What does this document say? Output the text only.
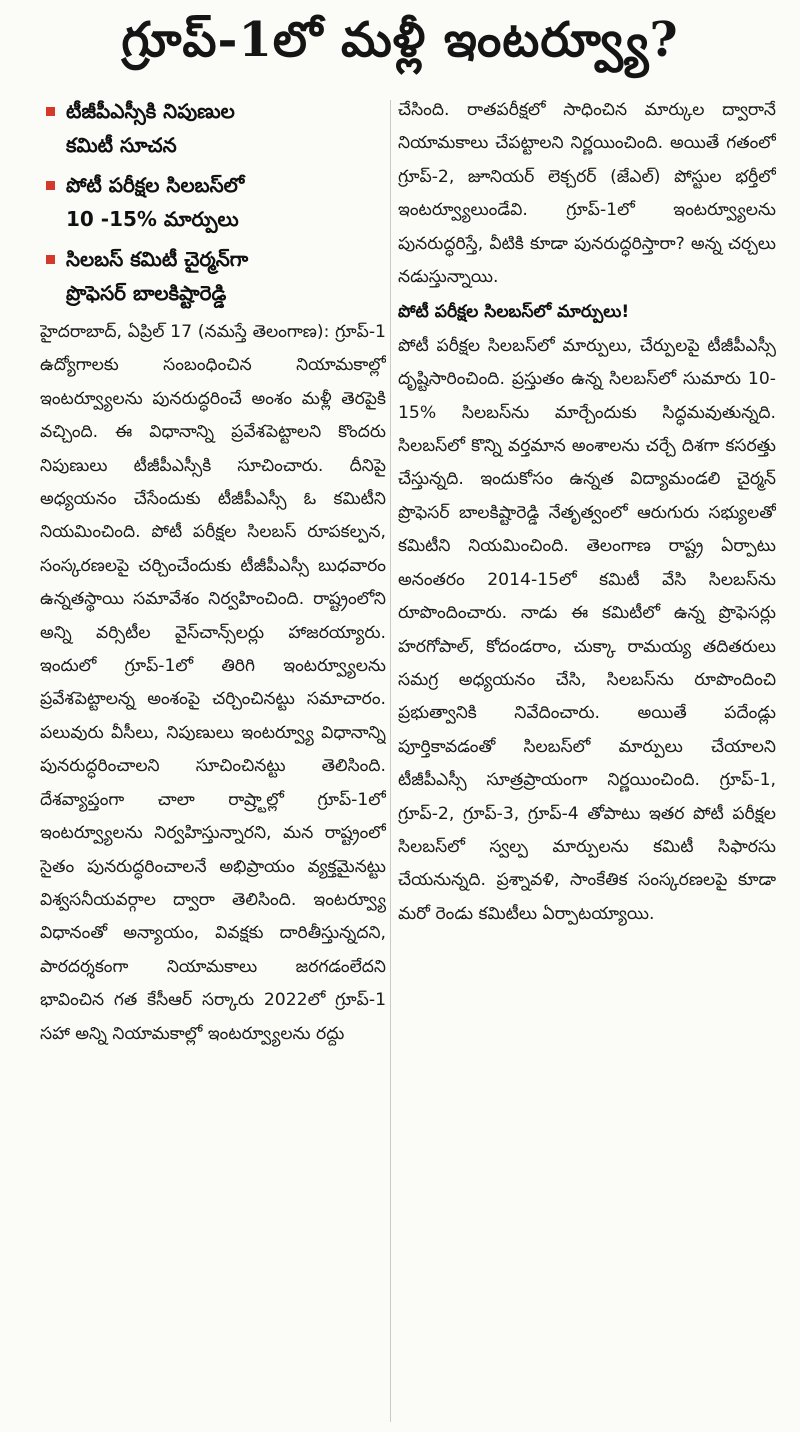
గ్రూప్-1లో మళ్లీ ఇంటర్వ్యూ?
టీజీపీఎస్సీకి నిపుణుల
కమిటీ సూచన
పోటీ పరీక్షల సిలబస్‌లో
10 -15% మార్పులు
సిలబస్ కమిటీ చైర్మన్‌గా
ప్రొఫెసర్ బాలకిష్టారెడ్డి

హైదరాబాద్, ఏప్రిల్ 17 (నమస్తే తెలంగాణ): గ్రూప్-1 ఉద్యోగాలకు సంబంధించిన నియామకాల్లో ఇంటర్వ్యూలను పునరుద్ధరించే అంశం మళ్లీ తెరపైకి వచ్చింది. ఈ విధానాన్ని ప్రవేశపెట్టాలని కొందరు నిపుణులు టీజీపీఎస్సీకి సూచించారు. దీనిపై అధ్యయనం చేసేందుకు టీజీపీఎస్సీ ఓ కమిటీని నియమించింది. పోటీ పరీక్షల సిలబస్ రూపకల్పన, సంస్కరణలపై చర్చించేందుకు టీజీపీఎస్సీ బుధవారం ఉన్నతస్థాయి సమావేశం నిర్వహించింది. రాష్ట్రంలోని అన్ని వర్సిటీల వైస్‌చాన్స్‌లర్లు హాజరయ్యారు. ఇందులో గ్రూప్-1లో తిరిగి ఇంటర్వ్యూలను ప్రవేశపెట్టాలన్న అంశంపై చర్చించినట్టు సమాచారం. పలువురు వీసీలు, నిపుణులు ఇంటర్వ్యూ విధానాన్ని పునరుద్ధరించాలని సూచించినట్టు తెలిసింది. దేశవ్యాప్తంగా చాలా రాష్ర్టాల్లో గ్రూప్-1లో ఇంటర్వ్యూలను నిర్వహిస్తున్నారని, మన రాష్ట్రంలో సైతం పునరుద్ధరించాలనే అభిప్రాయం వ్యక్తమైనట్టు విశ్వసనీయవర్గాల ద్వారా తెలిసింది. ఇంటర్వ్యూ విధానంతో అన్యాయం, వివక్షకు దారితీస్తున్నదని, పారదర్శకంగా నియామకాలు జరగడంలేదని భావించిన గత కేసీఆర్ సర్కారు 2022లో గ్రూప్-1 సహా అన్ని నియామకాల్లో ఇంటర్వ్యూలను రద్దు

చేసింది. రాతపరీక్షలో సాధించిన మార్కుల ద్వారానే నియామకాలు చేపట్టాలని నిర్ణయించింది. అయితే గతంలో గ్రూప్-2, జూనియర్ లెక్చరర్ (జేఎల్) పోస్టుల భర్తీలో ఇంటర్వ్యూలుండేవి. గ్రూప్-1లో ఇంటర్వ్యూలను పునరుద్ధరిస్తే, వీటికి కూడా పునరుద్ధరిస్తారా? అన్న చర్చలు నడుస్తున్నాయి.

పోటీ పరీక్షల సిలబస్‌లో మార్పులు!

పోటీ పరీక్షల సిలబస్‌లో మార్పులు, చేర్పులపై టీజీపీఎస్సీ దృష్టిసారించింది. ప్రస్తుతం ఉన్న సిలబస్‌లో సుమారు 10-15% సిలబస్‌ను మార్చేందుకు సిద్ధమవుతున్నది. సిలబస్‌లో కొన్ని వర్తమాన అంశాలను చర్చే దిశగా కసరత్తు చేస్తున్నది. ఇందుకోసం ఉన్నత విద్యామండలి చైర్మన్ ప్రొఫెసర్ బాలకిష్టారెడ్డి నేతృత్వంలో ఆరుగురు సభ్యులతో కమిటీని నియమించింది. తెలంగాణ రాష్ట్ర ఏర్పాటు అనంతరం 2014-15లో కమిటీ వేసి సిలబస్‌ను రూపొందించారు. నాడు ఈ కమిటీలో ఉన్న ప్రొఫెసర్లు హరగోపాల్, కోదండరాం, చుక్కా రామయ్య తదితరులు సమగ్ర అధ్యయనం చేసి, సిలబస్‌ను రూపొందించి ప్రభుత్వానికి నివేదించారు. అయితే పదేండ్లు పూర్తికావడంతో సిలబస్‌లో మార్పులు చేయాలని టీజీపీఎస్సీ సూత్రప్రాయంగా నిర్ణయించింది. గ్రూప్-1, గ్రూప్-2, గ్రూప్-3, గ్రూప్-4 తోపాటు ఇతర పోటీ పరీక్షల సిలబస్‌లో స్వల్ప మార్పులను కమిటీ సిఫారసు చేయనున్నది. ప్రశ్నావళి, సాంకేతిక సంస్కరణలపై కూడా మరో రెండు కమిటీలు ఏర్పాటయ్యాయి.
